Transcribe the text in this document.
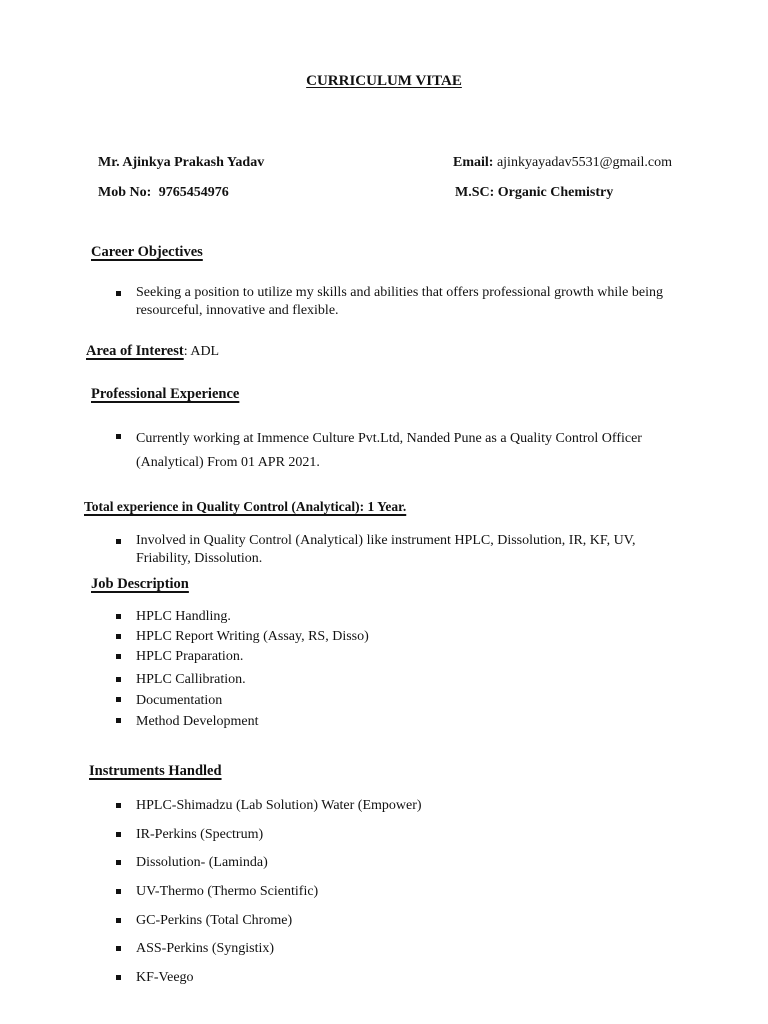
CURRICULUM VITAE
Mr. Ajinkya Prakash Yadav	Email: ajinkyayadav5531@gmail.com
Mob No: 9765454976	M.SC: Organic Chemistry
Career Objectives
Seeking a position to utilize my skills and abilities that offers professional growth while being resourceful, innovative and flexible.
Area of Interest: ADL
Professional Experience
Currently working at Immence Culture Pvt.Ltd, Nanded Pune as a Quality Control Officer
(Analytical) From 01 APR 2021.
Total experience in Quality Control (Analytical): 1 Year.
Involved in Quality Control (Analytical) like instrument HPLC, Dissolution, IR, KF, UV, Friability, Dissolution.
Job Description
HPLC Handling.
HPLC Report Writing (Assay, RS, Disso)
HPLC Praparation.
HPLC Callibration.
Documentation
Method Development
Instruments Handled
HPLC-Shimadzu (Lab Solution) Water (Empower)
IR-Perkins (Spectrum)
Dissolution- (Laminda)
UV-Thermo (Thermo Scientific)
GC-Perkins (Total Chrome)
ASS-Perkins (Syngistix)
KF-Veego
